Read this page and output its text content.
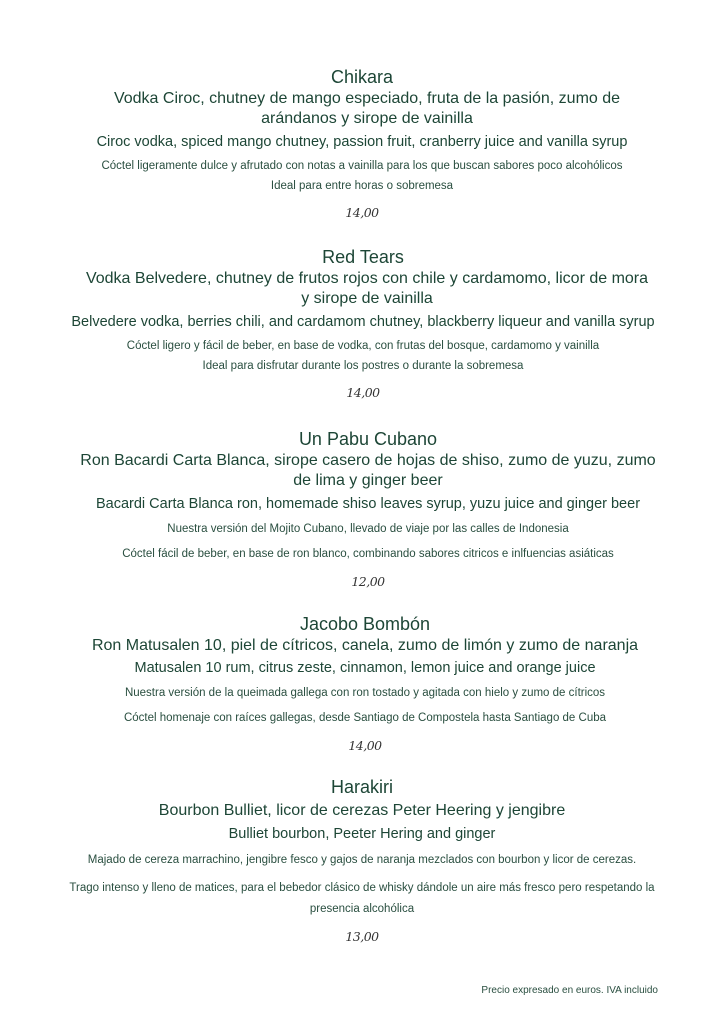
Chikara
Vodka Ciroc, chutney de mango especiado, fruta de la pasión, zumo de arándanos y sirope de vainilla
Ciroc vodka, spiced mango chutney, passion fruit, cranberry juice and vanilla syrup
Cóctel ligeramente dulce y afrutado con notas a vainilla para los que buscan sabores poco alcohólicos
Ideal para entre horas o sobremesa
14,00
Red Tears
Vodka Belvedere, chutney de frutos rojos con chile y cardamomo, licor de mora y sirope de vainilla
Belvedere vodka, berries chili, and cardamom chutney, blackberry liqueur and vanilla syrup
Cóctel ligero y fácil de beber, en base de vodka, con frutas del bosque, cardamomo y vainilla
Ideal para disfrutar durante los postres o durante la sobremesa
14,00
Un Pabu Cubano
Ron Bacardi Carta Blanca, sirope casero de hojas de shiso, zumo de yuzu, zumo de lima y ginger beer
Bacardi Carta Blanca ron, homemade shiso leaves syrup, yuzu juice and ginger beer
Nuestra versión del Mojito Cubano, llevado de viaje por las calles de Indonesia
Cóctel fácil de beber, en base de ron blanco, combinando sabores citricos e inlfuencias asiáticas
12,00
Jacobo Bombón
Ron Matusalen 10, piel de cítricos, canela, zumo de limón y zumo de naranja
Matusalen 10 rum, citrus zeste, cinnamon, lemon juice and orange juice
Nuestra versión de la queimada gallega con ron tostado y agitada con hielo y zumo de cítricos
Cóctel homenaje con raíces gallegas, desde Santiago de Compostela hasta Santiago de Cuba
14,00
Harakiri
Bourbon Bulliet, licor de cerezas Peter Heering y jengibre
Bulliet bourbon, Peeter Hering and ginger
Majado de cereza marrachino, jengibre fesco y gajos de naranja mezclados con bourbon y licor de cerezas.
Trago intenso y lleno de matices, para el bebedor clásico de whisky dándole un aire más fresco pero respetando la presencia alcohólica
13,00
Precio expresado en euros. IVA incluido
